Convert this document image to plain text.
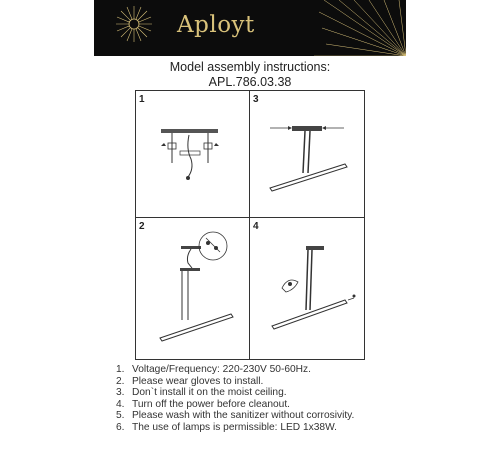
Aployt
Model assembly instructions:
APL.786.03.38
1	3
2	4
1. Voltage/Frequency: 220-230V 50-60Hz.
2. Please wear gloves to install.
3. Don`t install it on the moist ceiling.
4. Turn off the power before cleanout.
5. Please wash with the sanitizer without corrosivity.
6. The use of lamps is permissible: LED 1x38W.
